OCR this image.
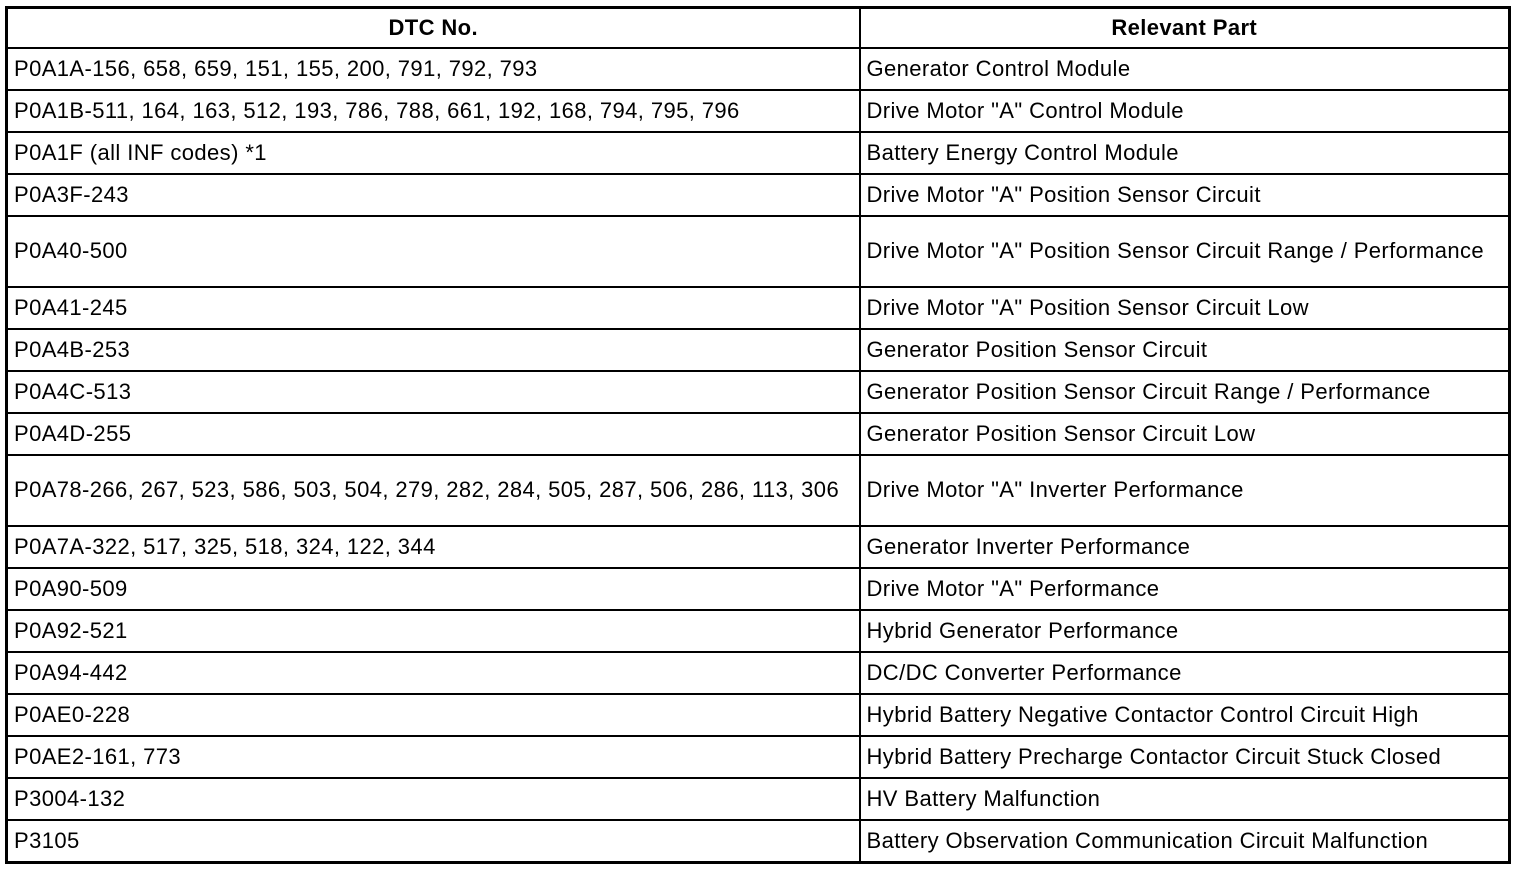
DTC No.	Relevant Part
P0A1A-156, 658, 659, 151, 155, 200, 791, 792, 793	Generator Control Module
P0A1B-511, 164, 163, 512, 193, 786, 788, 661, 192, 168, 794, 795, 796	Drive Motor "A" Control Module
P0A1F (all INF codes) *1	Battery Energy Control Module
P0A3F-243	Drive Motor "A" Position Sensor Circuit
P0A40-500	Drive Motor "A" Position Sensor Circuit Range / Performance
P0A41-245	Drive Motor "A" Position Sensor Circuit Low
P0A4B-253	Generator Position Sensor Circuit
P0A4C-513	Generator Position Sensor Circuit Range / Performance
P0A4D-255	Generator Position Sensor Circuit Low
P0A78-266, 267, 523, 586, 503, 504, 279, 282, 284, 505, 287, 506, 286, 113, 306	Drive Motor "A" Inverter Performance
P0A7A-322, 517, 325, 518, 324, 122, 344	Generator Inverter Performance
P0A90-509	Drive Motor "A" Performance
P0A92-521	Hybrid Generator Performance
P0A94-442	DC/DC Converter Performance
P0AE0-228	Hybrid Battery Negative Contactor Control Circuit High
P0AE2-161, 773	Hybrid Battery Precharge Contactor Circuit Stuck Closed
P3004-132	HV Battery Malfunction
P3105	Battery Observation Communication Circuit Malfunction
